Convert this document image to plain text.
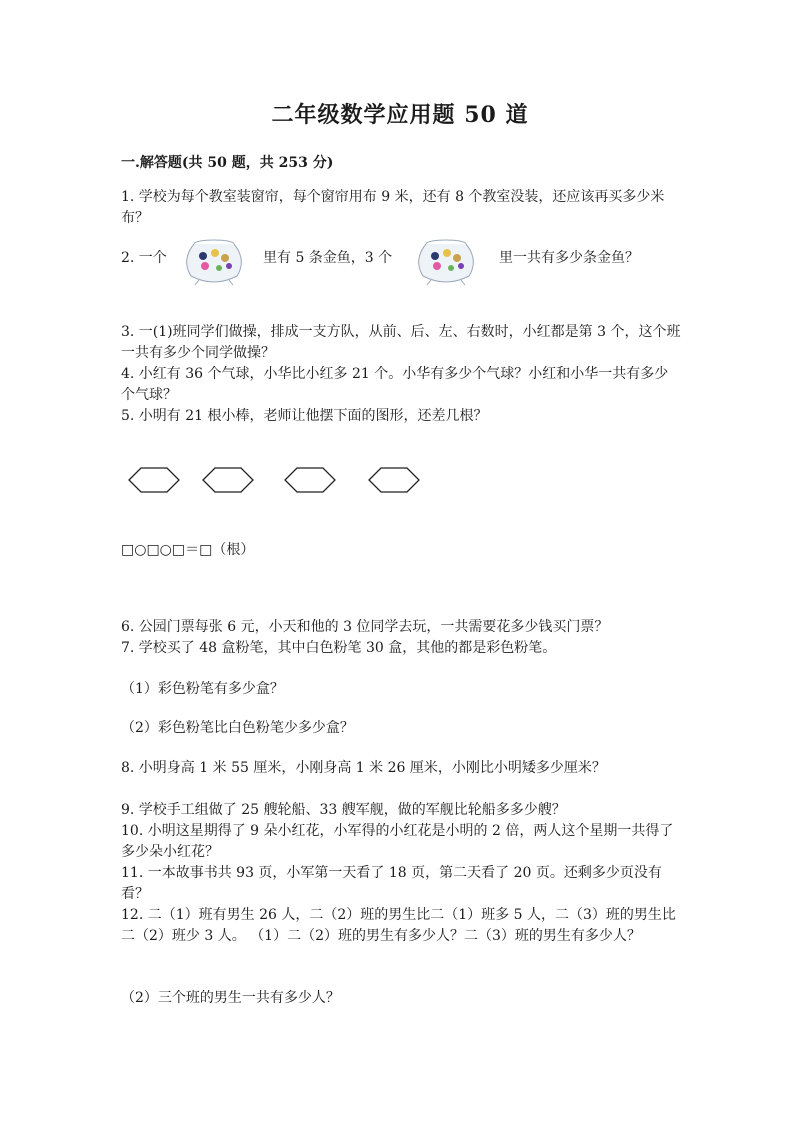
二年级数学应用题 50 道
一.解答题(共 50 题，共 253 分)

1. 学校为每个教室装窗帘，每个窗帘用布 9 米，还有 8 个教室没装，还应该再买多少米布？

2. 一个	里有 5 条金鱼，3 个	里一共有多少条金鱼？

3. 一(1)班同学们做操，排成一支方队，从前、后、左、右数时，小红都是第 3 个，这个班一共有多少个同学做操？

4. 小红有 36 个气球，小华比小红多 21 个。小华有多少个气球？小红和小华一共有多少个气球？

5. 小明有 21 根小棒，老师让他摆下面的图形，还差几根？

□○□○□＝□（根）

6. 公园门票每张 6 元，小天和他的 3 位同学去玩，一共需要花多少钱买门票？

7. 学校买了 48 盒粉笔，其中白色粉笔 30 盒，其他的都是彩色粉笔。

（1）彩色粉笔有多少盒？
（2）彩色粉笔比白色粉笔少多少盒？

8. 小明身高 1 米 55 厘米，小刚身高 1 米 26 厘米，小刚比小明矮多少厘米？

9. 学校手工组做了 25 艘轮船、33 艘军舰，做的军舰比轮船多多少艘？

10. 小明这星期得了 9 朵小红花，小军得的小红花是小明的 2 倍，两人这个星期一共得了多少朵小红花？

11. 一本故事书共 93 页，小军第一天看了 18 页，第二天看了 20 页。还剩多少页没有看？

12. 二（1）班有男生 26 人，二（2）班的男生比二（1）班多 5 人，二（3）班的男生比二（2）班少 3 人。 （1）二（2）班的男生有多少人？二（3）班的男生有多少人？

（2）三个班的男生一共有多少人？
